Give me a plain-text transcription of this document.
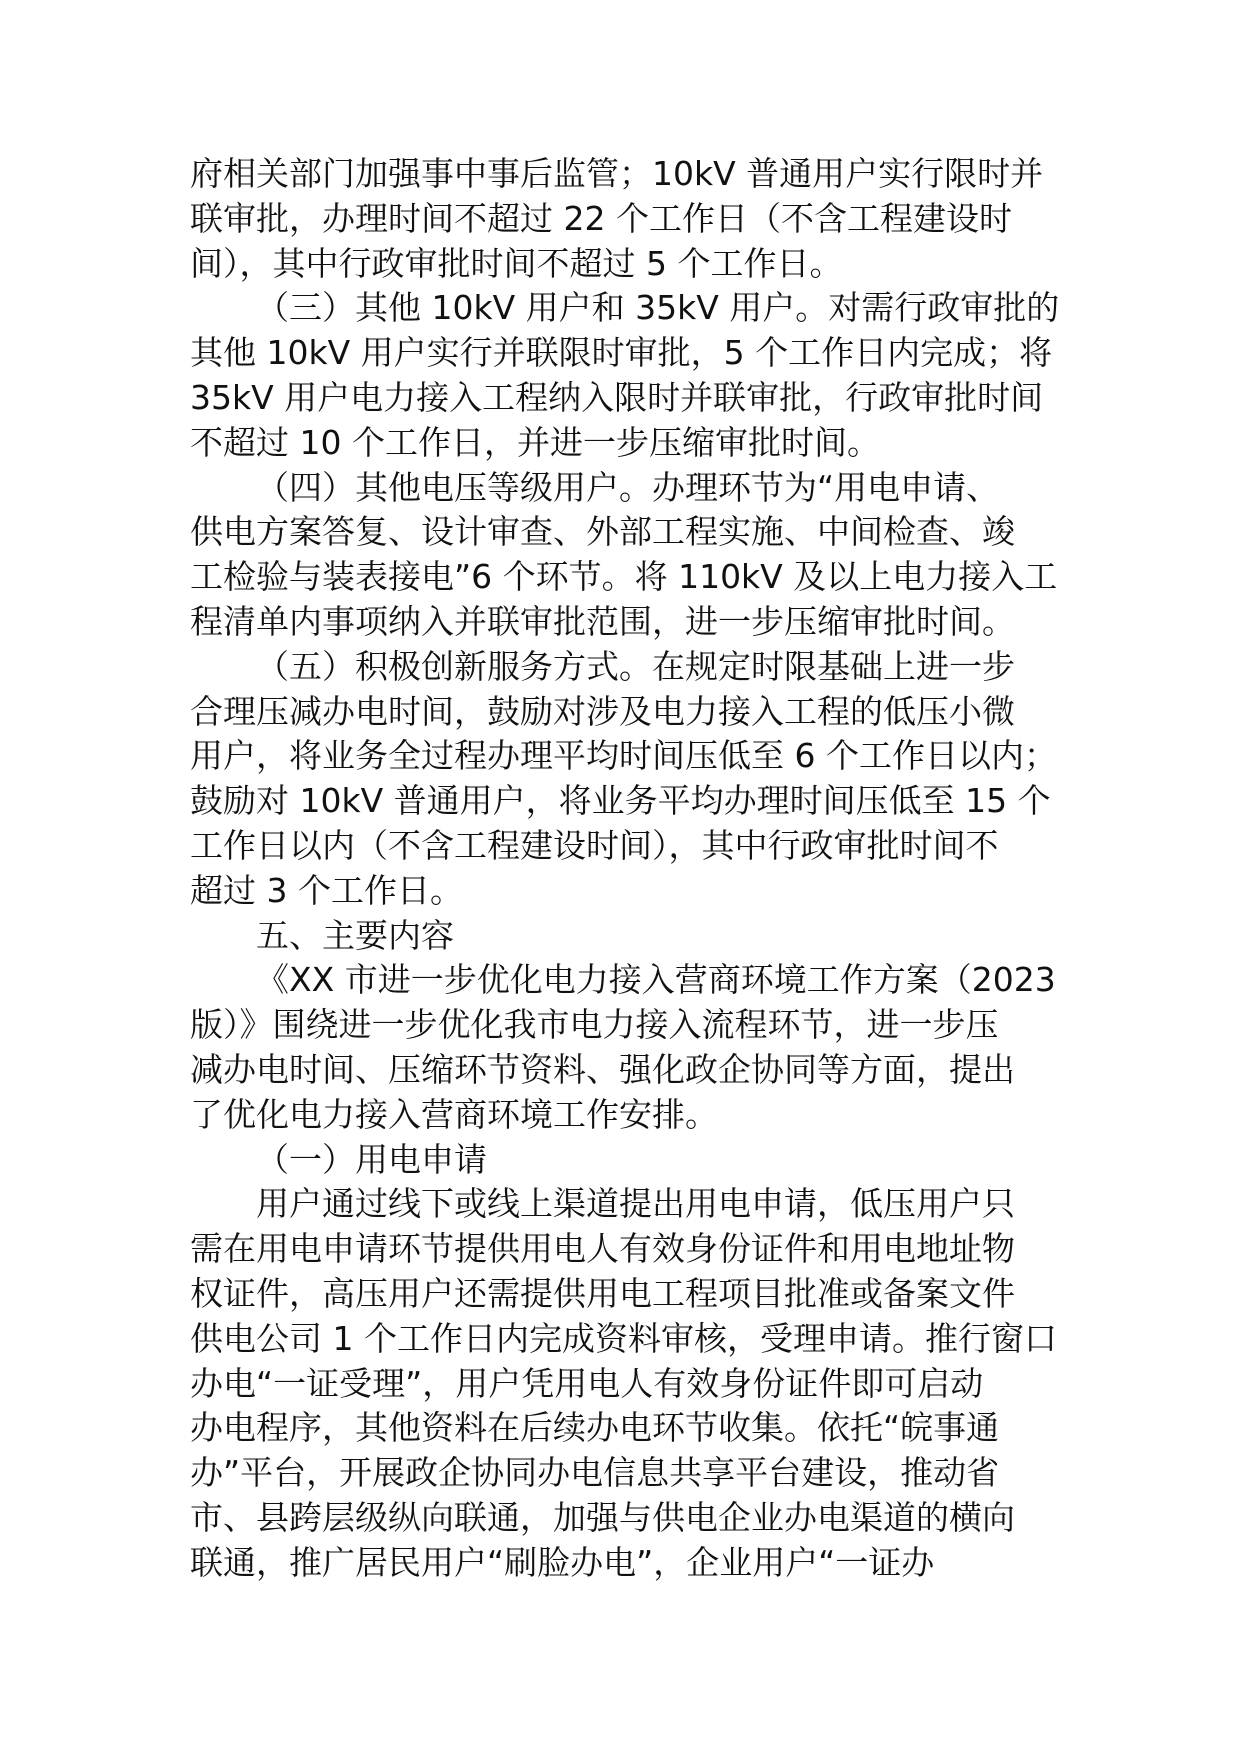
府相关部门加强事中事后监管；10kV 普通用户实行限时并
联审批，办理时间不超过 22 个工作日（不含工程建设时
间），其中行政审批时间不超过 5 个工作日。
（三）其他 10kV 用户和 35kV 用户。对需行政审批的
其他 10kV 用户实行并联限时审批，5 个工作日内完成；将
35kV 用户电力接入工程纳入限时并联审批，行政审批时间
不超过 10 个工作日，并进一步压缩审批时间。
（四）其他电压等级用户。办理环节为“用电申请、
供电方案答复、设计审查、外部工程实施、中间检查、竣
工检验与装表接电”6 个环节。将 110kV 及以上电力接入工
程清单内事项纳入并联审批范围，进一步压缩审批时间。
（五）积极创新服务方式。在规定时限基础上进一步
合理压减办电时间，鼓励对涉及电力接入工程的低压小微
用户，将业务全过程办理平均时间压低至 6 个工作日以内；
鼓励对 10kV 普通用户，将业务平均办理时间压低至 15 个
工作日以内（不含工程建设时间），其中行政审批时间不
超过 3 个工作日。
五、主要内容
《XX 市进一步优化电力接入营商环境工作方案（2023
版）》围绕进一步优化我市电力接入流程环节，进一步压
减办电时间、压缩环节资料、强化政企协同等方面，提出
了优化电力接入营商环境工作安排。
（一）用电申请
用户通过线下或线上渠道提出用电申请，低压用户只
需在用电申请环节提供用电人有效身份证件和用电地址物
权证件，高压用户还需提供用电工程项目批准或备案文件
供电公司 1 个工作日内完成资料审核，受理申请。推行窗口
办电“一证受理”，用户凭用电人有效身份证件即可启动
办电程序，其他资料在后续办电环节收集。依托“皖事通
办”平台，开展政企协同办电信息共享平台建设，推动省
市、县跨层级纵向联通，加强与供电企业办电渠道的横向
联通，推广居民用户“刷脸办电”，企业用户“一证办
